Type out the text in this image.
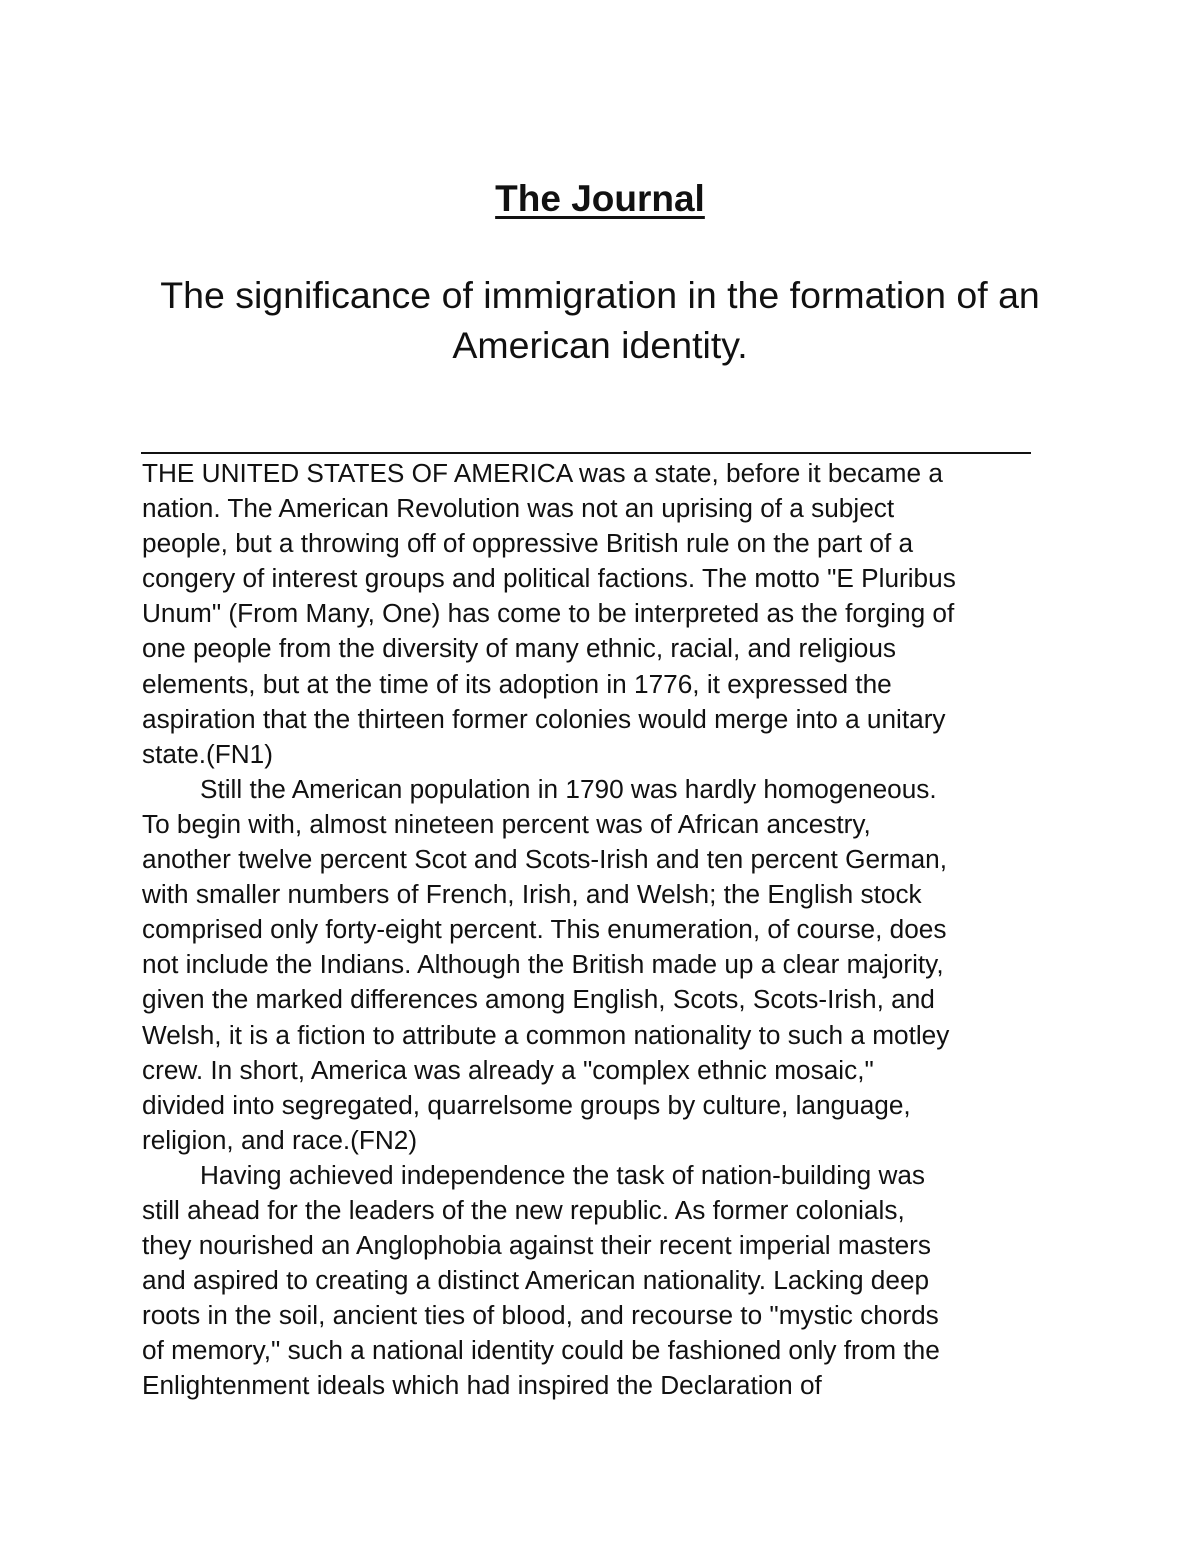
The Journal
The significance of immigration in the formation of an
American identity.
THE UNITED STATES OF AMERICA was a state, before it became a
nation. The American Revolution was not an uprising of a subject
people, but a throwing off of oppressive British rule on the part of a
congery of interest groups and political factions. The motto "E Pluribus
Unum" (From Many, One) has come to be interpreted as the forging of
one people from the diversity of many ethnic, racial, and religious
elements, but at the time of its adoption in 1776, it expressed the
aspiration that the thirteen former colonies would merge into a unitary
state.(FN1)
Still the American population in 1790 was hardly homogeneous.
To begin with, almost nineteen percent was of African ancestry,
another twelve percent Scot and Scots-Irish and ten percent German,
with smaller numbers of French, Irish, and Welsh; the English stock
comprised only forty-eight percent. This enumeration, of course, does
not include the Indians. Although the British made up a clear majority,
given the marked differences among English, Scots, Scots-Irish, and
Welsh, it is a fiction to attribute a common nationality to such a motley
crew. In short, America was already a "complex ethnic mosaic,"
divided into segregated, quarrelsome groups by culture, language,
religion, and race.(FN2)
Having achieved independence the task of nation-building was
still ahead for the leaders of the new republic. As former colonials,
they nourished an Anglophobia against their recent imperial masters
and aspired to creating a distinct American nationality. Lacking deep
roots in the soil, ancient ties of blood, and recourse to "mystic chords
of memory," such a national identity could be fashioned only from the
Enlightenment ideals which had inspired the Declaration of
